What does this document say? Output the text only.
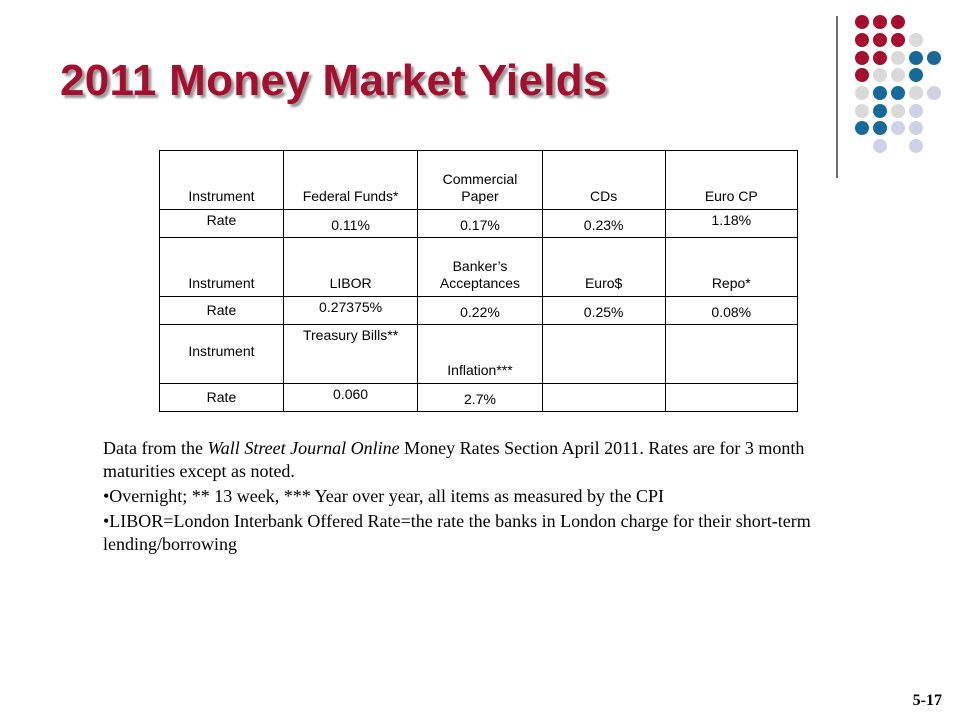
2011 Money Market Yields
Instrument	Federal Funds*	Commercial Paper	CDs	Euro CP
Rate	0.11%	0.17%	0.23%	1.18%
Instrument	LIBOR	Banker’s Acceptances	Euro$	Repo*
Rate	0.27375%	0.22%	0.25%	0.08%
Instrument	Treasury Bills**	Inflation***		
Rate	0.060	2.7%		

Data from the Wall Street Journal Online Money Rates Section April 2011. Rates are for 3 month maturities except as noted.

•Overnight; ** 13 week, *** Year over year, all items as measured by the CPI

•LIBOR=London Interbank Offered Rate=the rate the banks in London charge for their short-term lending/borrowing

5-17
